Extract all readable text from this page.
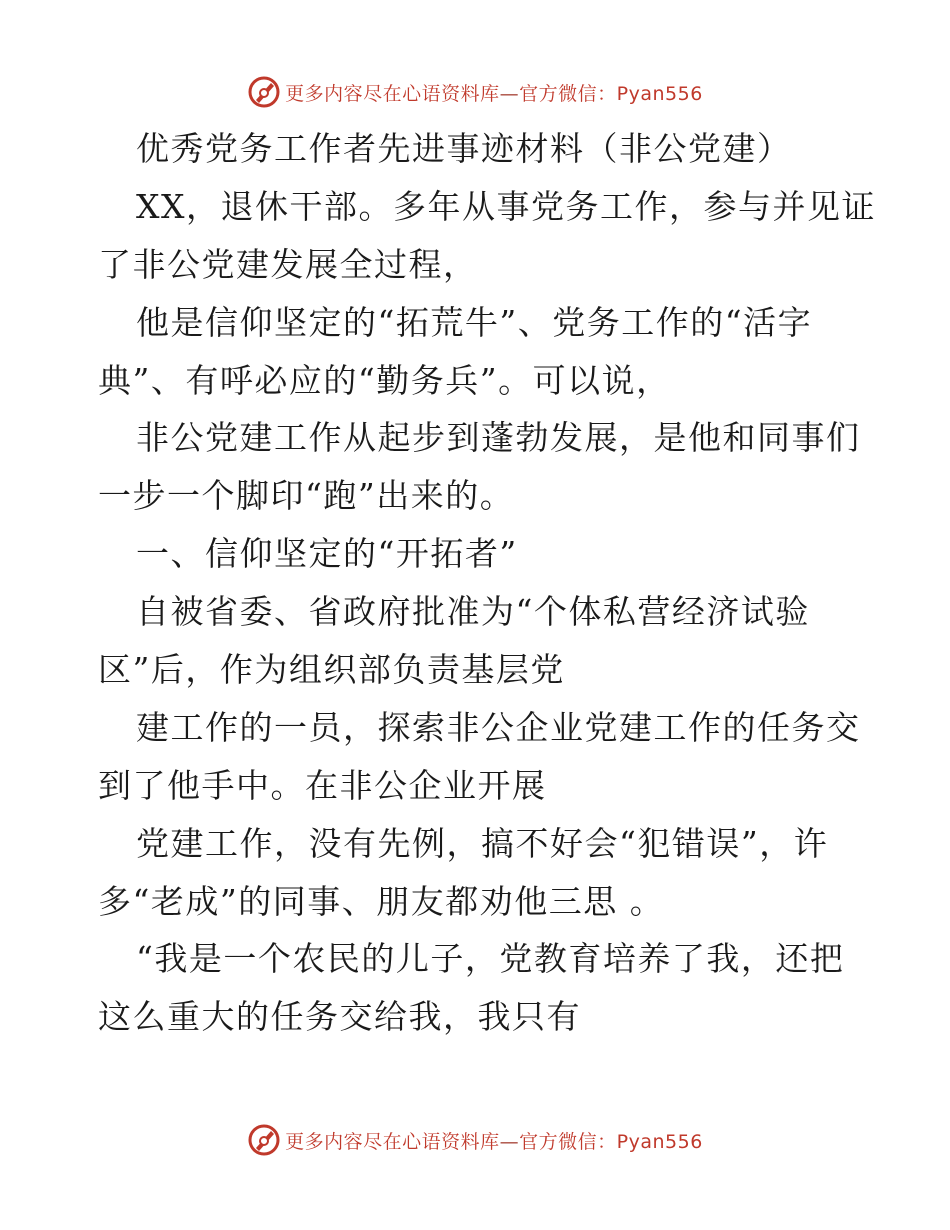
更多内容尽在心语资料库—官方微信：Pyan556
优秀党务工作者先进事迹材料（非公党建）
XX，退休干部。多年从事党务工作，参与并见证
了非公党建发展全过程，
他是信仰坚定的“拓荒牛”、党务工作的“活字
典”、有呼必应的“勤务兵”。可以说，
非公党建工作从起步到蓬勃发展，是他和同事们
一步一个脚印“跑”出来的。
一、信仰坚定的“开拓者”
自被省委、省政府批准为“个体私营经济试验
区”后，作为组织部负责基层党
建工作的一员，探索非公企业党建工作的任务交
到了他手中。在非公企业开展
党建工作，没有先例，搞不好会“犯错误”，许
多“老成”的同事、朋友都劝他三思 。
“我是一个农民的儿子，党教育培养了我，还把
这么重大的任务交给我，我只有
更多内容尽在心语资料库—官方微信：Pyan556
